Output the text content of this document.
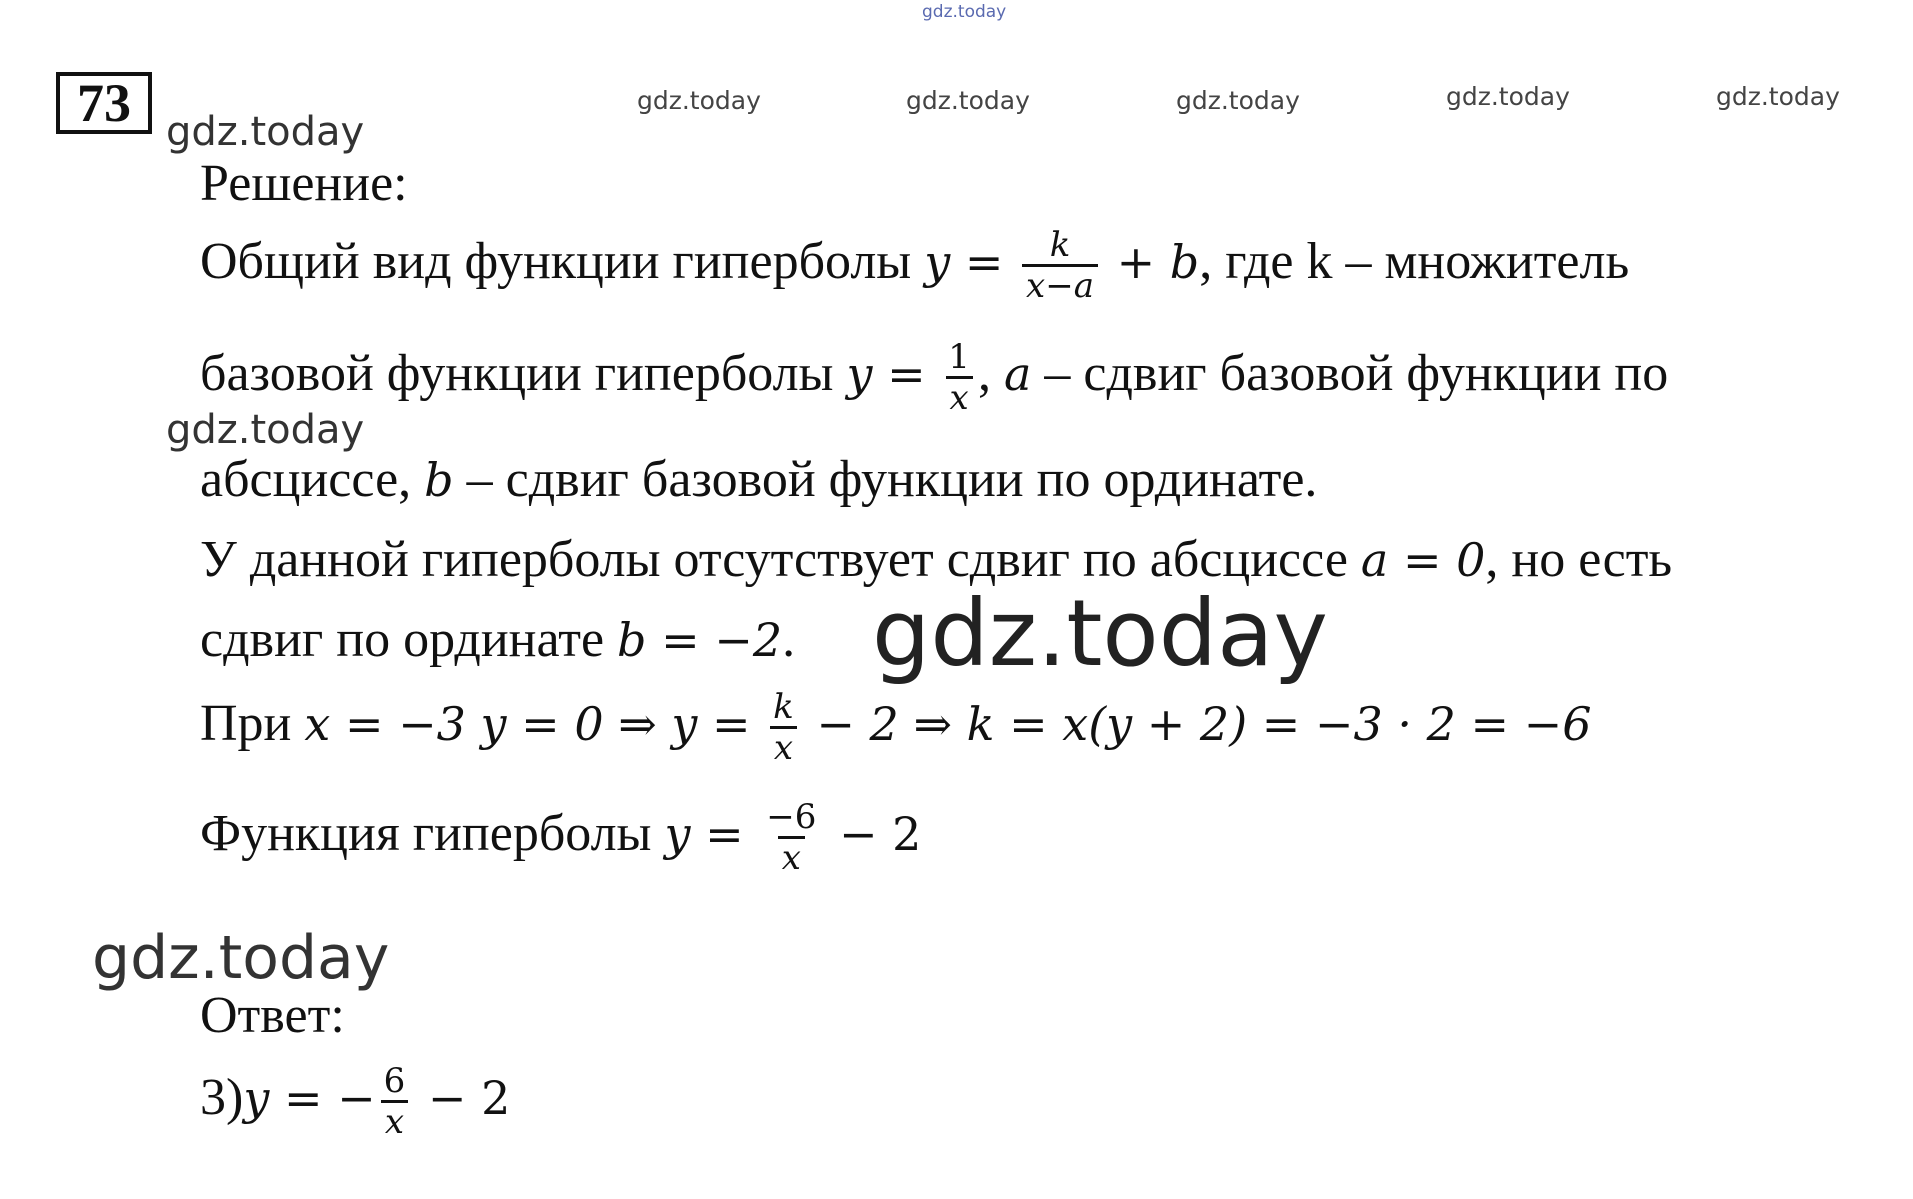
gdz.today
gdz.today	gdz.today	gdz.today	gdz.today	gdz.today
gdz.today
gdz.today
gdz.today
gdz.today
73
Решение:
Общий вид функции гиперболы $y = \frac{k}{x-a} + b$, где k – множитель
базовой функции гиперболы $y = \frac{1}{x}$ , a – сдвиг базовой функции по
абсциссе, b – сдвиг базовой функции по ординате.
У данной гиперболы отсутствует сдвиг по абсциссе a = 0, но есть
сдвиг по ординате b = −2.
При x = −3 y = 0 ⇒ $y = \frac{k}{x} - 2$ ⇒ k = x(y + 2) = −3 · 2 = −6
Функция гиперболы $y = \frac{-6}{x} - 2$
Ответ:
3)y = − $\frac{6}{x} - 2$
